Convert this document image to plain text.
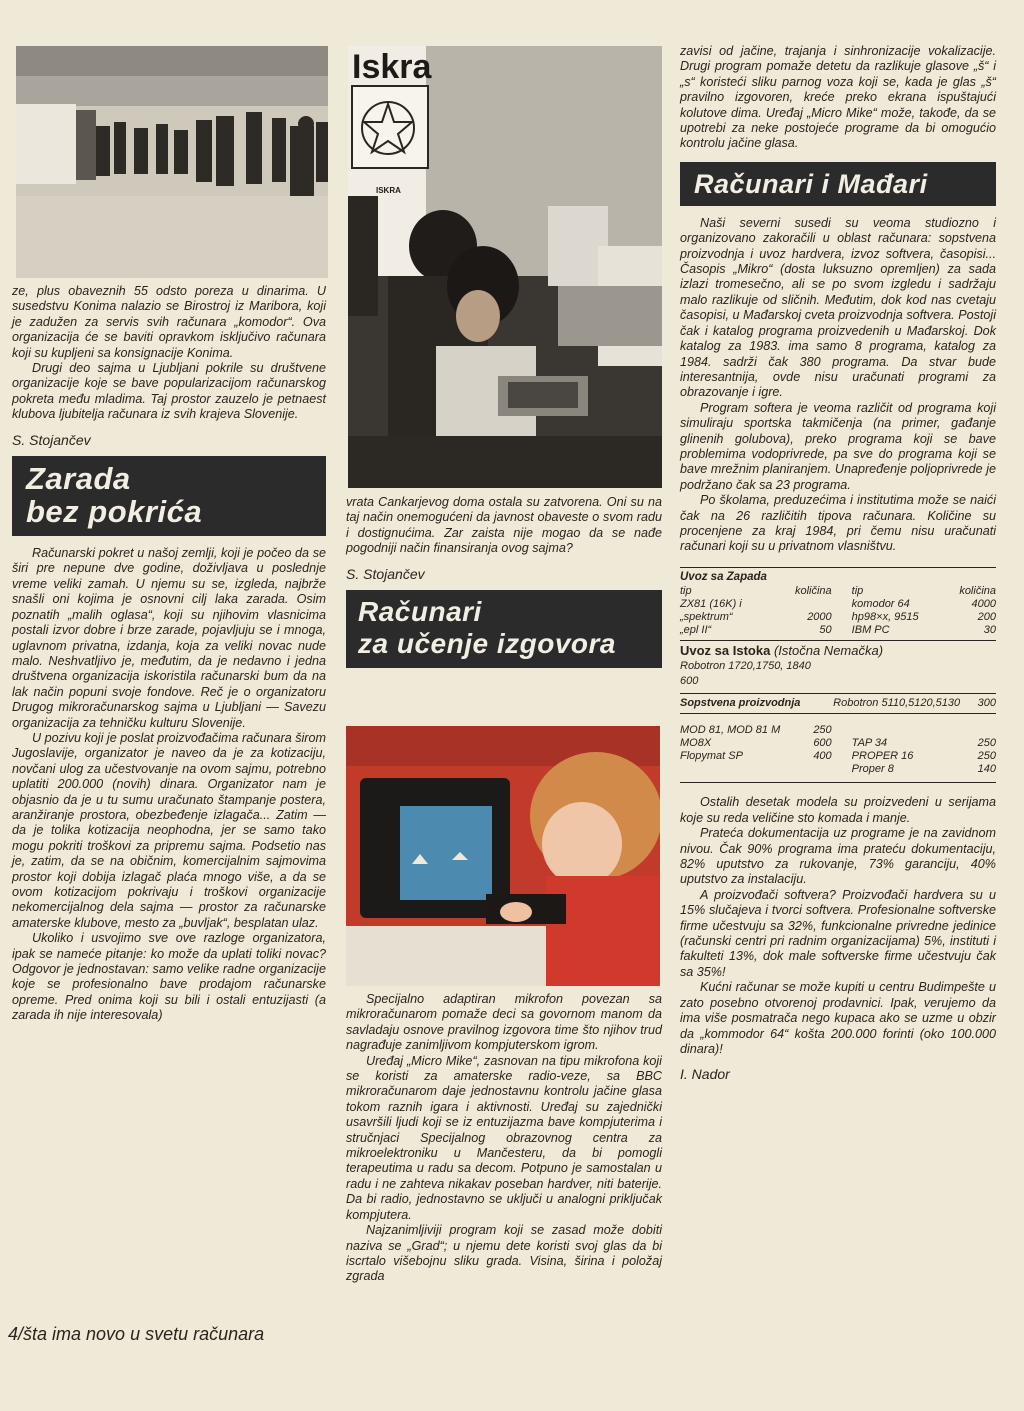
ze, plus obaveznih 55 odsto poreza u dinarima. U susedstvu Konima nalazio se Birostroj iz Maribora, koji je zadužen za servis svih računara „komodor“. Ova organizacija će se baviti opravkom isključivo računara koji su kupljeni sa konsignacije Konima.

Drugi deo sajma u Ljubljani pokrile su društvene organizacije koje se bave popularizacijom računarskog pokreta među mladima. Taj prostor zauzelo je petnaest klubova ljubitelja računara iz svih krajeva Slovenije.

S. Stojančev
Zarada
bez pokrića

Računarski pokret u našoj zemlji, koji je počeo da se širi pre nepune dve godine, doživljava u poslednje vreme veliki zamah. U njemu su se, izgleda, najbrže snašli oni kojima je osnovni cilj laka zarada. Osim poznatih „malih oglasa“, koji su njihovim vlasnicima postali izvor dobre i brze zarade, pojavljuju se i mnoga, uglavnom privatna, izdanja, koja za veliki novac nude malo. Neshvatljivo je, međutim, da je nedavno i jedna društvena organizacija iskoristila računarski bum da na lak način popuni svoje fondove. Reč je o organizatoru Drugog mikroračunarskog sajma u Ljubljani — Savezu organizacija za tehničku kulturu Slovenije.

U pozivu koji je poslat proizvođačima računara širom Jugoslavije, organizator je naveo da je za kotizaciju, novčani ulog za učestvovanje na ovom sajmu, potrebno uplatiti 200.000 (novih) dinara. Organizator nam je objasnio da je u tu sumu uračunato štampanje postera, aranžiranje prostora, obezbeđenje izlagača... Zatim — da je tolika kotizacija neophodna, jer se samo tako mogu pokriti troškovi za pripremu sajma. Podsetio nas je, zatim, da se na običnim, komercijalnim sajmovima prostor koji dobija izlagač plaća mnogo više, a da se ovom kotizacijom pokrivaju i troškovi organizacije nekomercijalnog dela sajma — prostor za računarske amaterske klubove, mesto za „buvljak“, besplatan ulaz.

Ukoliko i usvojimo sve ove razloge organizatora, ipak se nameće pitanje: ko može da uplati toliki novac? Odgovor je jednostavan: samo velike radne organizacije koje se profesionalno bave prodajom računarske opreme. Pred onima koji su bili i ostali entuzijasti (a zarada ih nije interesovala)

4/šta ima novo u svetu računara
Iskra
ISKRA

vrata Cankarjevog doma ostala su zatvorena. Oni su na taj način onemogućeni da javnost obaveste o svom radu i dostignućima. Zar zaista nije mogao da se nađe pogodniji način finansiranja ovog sajma?

S. Stojančev
Računari
za učenje izgovora

Specijalno adaptiran mikrofon povezan sa mikroračunarom pomaže deci sa govornom manom da savladaju osnove pravilnog izgovora time što njihov trud nagrađuje zanimljivom kompjuterskom igrom.

Uređaj „Micro Mike“, zasnovan na tipu mikrofona koji se koristi za amaterske radio-veze, sa BBC mikroračunarom daje jednostavnu kontrolu jačine glasa tokom raznih igara i aktivnosti. Uređaj su zajednički usavršili ljudi koji se iz entuzijazma bave kompjuterima i stručnjaci Specijalnog obrazovnog centra za mikroelektroniku u Mančesteru, da bi pomogli terapeutima u radu sa decom. Potpuno je samostalan u radu i ne zahteva nikakav poseban hardver, niti baterije. Da bi radio, jednostavno se uključi u analogni priključak kompjutera.

Najzanimljiviji program koji se zasad može dobiti naziva se „Grad“; u njemu dete koristi svoj glas da bi iscrtalo višebojnu sliku grada. Visina, širina i položaj zgrada

zavisi od jačine, trajanja i sinhronizacije vokalizacije. Drugi program pomaže detetu da razlikuje glasove „š“ i „s“ koristeći sliku parnog voza koji se, kada je glas „š“ pravilno izgovoren, kreće preko ekrana ispuštajući kolutove dima. Uređaj „Micro Mike“ može, takođe, da se upotrebi za neke postojeće programe da bi omogućio kontrolu jačine glasa.

Računari i Mađari

Naši severni susedi su veoma studiozno i organizovano zakoračili u oblast računara: sopstvena proizvodnja i uvoz hardvera, izvoz softvera, časopisi... Časopis „Mikro“ (dosta luksuzno opremljen) za sada izlazi tromesečno, ali se po svom izgledu i sadržaju malo razlikuje od sličnih. Međutim, dok kod nas cvetaju časopisi, u Mađarskoj cveta proizvodnja softvera. Postoji čak i katalog programa proizvedenih u Mađarskoj. Dok katalog za 1983. ima samo 8 programa, katalog za 1984. sadrži čak 380 programa. Da stvar bude interesantnija, ovde nisu uračunati programi za obrazovanje i igre.

Program softera je veoma različit od programa koji simuliraju sportska takmičenja (na primer, gađanje glinenih golubova), preko programa koji se bave problemima vodoprivrede, pa sve do programa koji se bave mrežnim planiranjem. Unapređenje poljoprivrede je podržano čak sa 23 programa.

Po školama, preduzećima i institutima može se naići čak na 26 različitih tipova računara. Količine su procenjene za kraj 1984, pri čemu nisu uračunati računari koji su u privatnom vlasništvu.

Uvoz sa Zapada
tip	količina	tip	količina
ZX81 (16K) i		komodor 64	4000
„spektrum“	2000	hp98×x, 9515	200
„epl II“	50	IBM PC	30
Uvoz sa Istoka (Istočna Nemačka)
Robotron 1720,1750, 1840
600
Sopstvena proizvodnja	Robotron 5110,5120,5130	300
MOD 81, MOD 81 M	250		
MO8X	600	TAP 34	250
Flopymat SP	400	PROPER 16	250
		Proper 8	140

Ostalih desetak modela su proizvedeni u serijama koje su reda veličine sto komada i manje.

Prateća dokumentacija uz programe je na zavidnom nivou. Čak 90% programa ima prateću dokumentaciju, 82% uputstvo za rukovanje, 73% garanciju, 40% uputstvo za instalaciju.

A proizvođači softvera? Proizvođači hardvera su u 15% slučajeva i tvorci softvera. Profesionalne softverske firme učestvuju sa 32%, funkcionalne privredne jedinice (računski centri pri radnim organizacijama) 5%, instituti i fakulteti 13%, dok male softverske firme učestvuju čak sa 35%!

Kućni računar se može kupiti u centru Budimpešte u zato posebno otvorenoj prodavnici. Ipak, verujemo da ima više posmatrača nego kupaca ako se uzme u obzir da „kommodor 64“ košta 200.000 forinti (oko 100.000 dinara)!

I. Nador
